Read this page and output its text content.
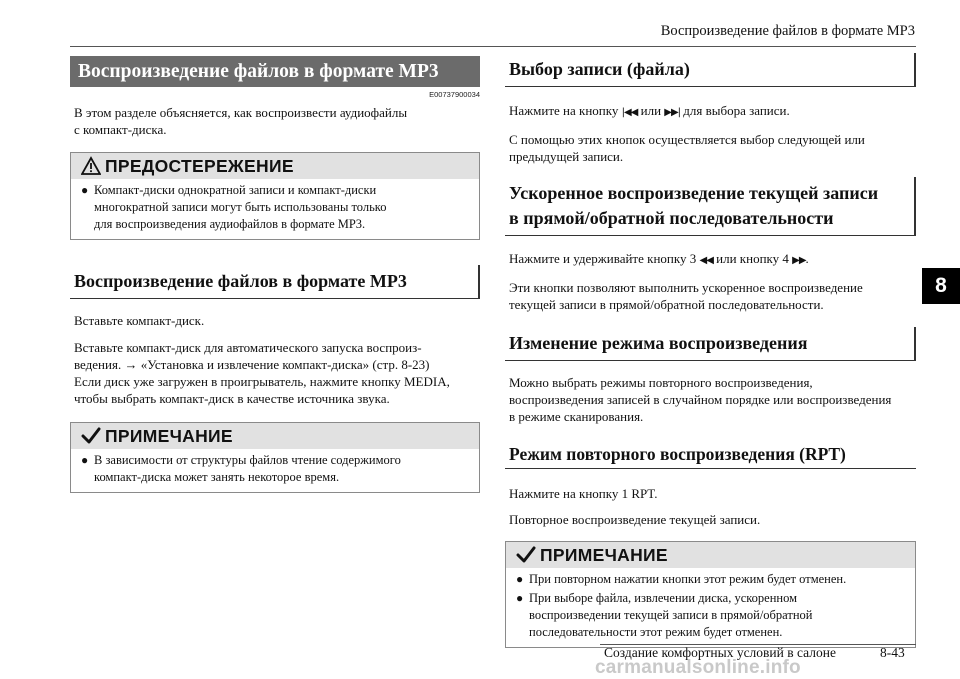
Воспроизведение файлов в формате MP3
Воспроизведение файлов в формате MP3
E00737900034
В этом разделе объясняется, как воспроизвести аудиофайлы
с компакт-диска.
ПРЕДОСТЕРЕЖЕНИЕ
● Компакт-диски однократной записи и компакт-диски
многократной записи могут быть использованы только
для воспроизведения аудиофайлов в формате MP3.
Воспроизведение файлов в формате MP3
Вставьте компакт-диск.
Вставьте компакт-диск для автоматического запуска воспроиз-
ведения. → «Установка и извлечение компакт-диска» (стр. 8-23)
Если диск уже загружен в проигрыватель, нажмите кнопку MEDIA,
чтобы выбрать компакт-диск в качестве источника звука.
ПРИМЕЧАНИЕ
● В зависимости от структуры файлов чтение содержимого
компакт-диска может занять некоторое время.
Выбор записи (файла)
Нажмите на кнопку |◀◀ или ▶▶| для выбора записи.
С помощью этих кнопок осуществляется выбор следующей или
предыдущей записи.
Ускоренное воспроизведение текущей записи
в прямой/обратной последовательности
Нажмите и удерживайте кнопку 3 ◀◀ или кнопку 4 ▶▶.
Эти кнопки позволяют выполнить ускоренное воспроизведение
текущей записи в прямой/обратной последовательности.
Изменение режима воспроизведения
Можно выбрать режимы повторного воспроизведения,
воспроизведения записей в случайном порядке или воспроизведения
в режиме сканирования.
Режим повторного воспроизведения (RPT)
Нажмите на кнопку 1 RPT.
Повторное воспроизведение текущей записи.
ПРИМЕЧАНИЕ
● При повторном нажатии кнопки этот режим будет отменен.
● При выборе файла, извлечении диска, ускоренном
воспроизведении текущей записи в прямой/обратной
последовательности этот режим будет отменен.
8
Создание комфортных условий в салоне	8-43
carmanualsonline.info
